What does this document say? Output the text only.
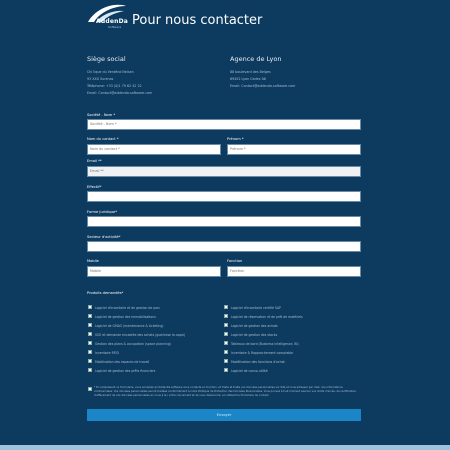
AddenDa
Software Pour nous contacter
Siège social
Chi Ilque du Ventérol Nelsen
93 XXX Surenas
Téléphone: +33 (0)1 79 62 42 22
Email: Contact@addenda-software.com
Agence de Lyon
88 boulevard des Belges
69452 Lyon Cedex 06
Email: Contact@addenda-software.com
Société - Nom *
Société - Nom *
Nom du contact *
Nom du contact *	Prénom *
Prénom *
Email **
Email **
Effectif*
Forme Juridique*
Secteur d'activité*
Mobile
Mobile	Fonction
Fonction
Produits demandés*
Logiciel d'inventaire et de gestion de parc
Logiciel de gestion des immobilisations
Logiciel de GMAO (maintenance & ticketing)
SSO et demande encadrée des achats (guerirose la coppi)
Gestion des plans & occupation (space planning)
Inventaire RFID
Mobilisation des espaces de travail
Logiciel de gestion des prêts financiers
Logiciel d'inventaire certifié SAP
Logiciel de réservation et de prêt de matériels
Logiciel de gestion des achats
Logiciel de gestion des stocks
Tableaux de bord (Business Intelligence, BI)
Inventaire & Rapprochement comptable
Modélisation des fonctions d'achat
Logiciel de conso-utilité
* En remplissant ce formulaire, vous acceptez qu'AddenDa software vous contacte en fonction, et traite et traite vos données personnelles sur Site et nous adresser par mail, nos informations commerciales. Vos données personnelles seront traitées conformément à notre Politique de Protection des Données Personnelles. Vous pouvez à tout moment exercer vos droits d'accès, de rectification, d'effacement de vos données personnelles en nous à la / votre concernant et de vous désinscrire, en utilisant le formulaire de contact.
Envoyer
